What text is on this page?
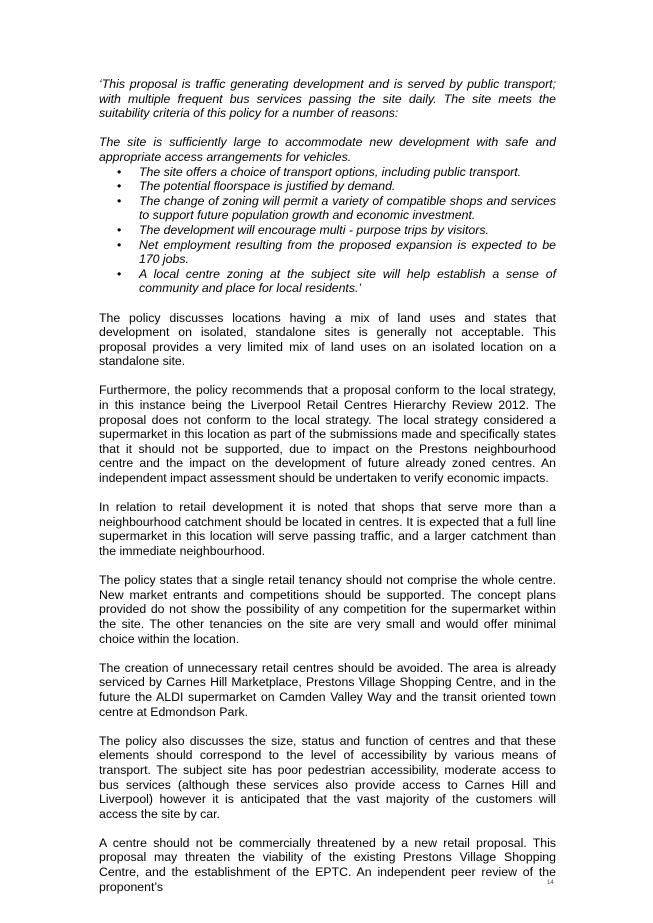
‘This proposal is traffic generating development and is served by public transport; with multiple frequent bus services passing the site daily. The site meets the suitability criteria of this policy for a number of reasons:

The site is sufficiently large to accommodate new development with safe and appropriate access arrangements for vehicles.

• The site offers a choice of transport options, including public transport.
• The potential floorspace is justified by demand.
• The change of zoning will permit a variety of compatible shops and services to support future population growth and economic investment.
• The development will encourage multi - purpose trips by visitors.
• Net employment resulting from the proposed expansion is expected to be 170 jobs.
• A local centre zoning at the subject site will help establish a sense of community and place for local residents.’

The policy discusses locations having a mix of land uses and states that development on isolated, standalone sites is generally not acceptable. This proposal provides a very limited mix of land uses on an isolated location on a standalone site.

Furthermore, the policy recommends that a proposal conform to the local strategy, in this instance being the Liverpool Retail Centres Hierarchy Review 2012. The proposal does not conform to the local strategy. The local strategy considered a supermarket in this location as part of the submissions made and specifically states that it should not be supported, due to impact on the Prestons neighbourhood centre and the impact on the development of future already zoned centres. An independent impact assessment should be undertaken to verify economic impacts.

In relation to retail development it is noted that shops that serve more than a neighbourhood catchment should be located in centres. It is expected that a full line supermarket in this location will serve passing traffic, and a larger catchment than the immediate neighbourhood.

The policy states that a single retail tenancy should not comprise the whole centre. New market entrants and competitions should be supported. The concept plans provided do not show the possibility of any competition for the supermarket within the site. The other tenancies on the site are very small and would offer minimal choice within the location.

The creation of unnecessary retail centres should be avoided. The area is already serviced by Carnes Hill Marketplace, Prestons Village Shopping Centre, and in the future the ALDI supermarket on Camden Valley Way and the transit oriented town centre at Edmondson Park.

The policy also discusses the size, status and function of centres and that these elements should correspond to the level of accessibility by various means of transport. The subject site has poor pedestrian accessibility, moderate access to bus services (although these services also provide access to Carnes Hill and Liverpool) however it is anticipated that the vast majority of the customers will access the site by car.

A centre should not be commercially threatened by a new retail proposal. This proposal may threaten the viability of the existing Prestons Village Shopping Centre, and the establishment of the EPTC. An independent peer review of the proponent’s	14
